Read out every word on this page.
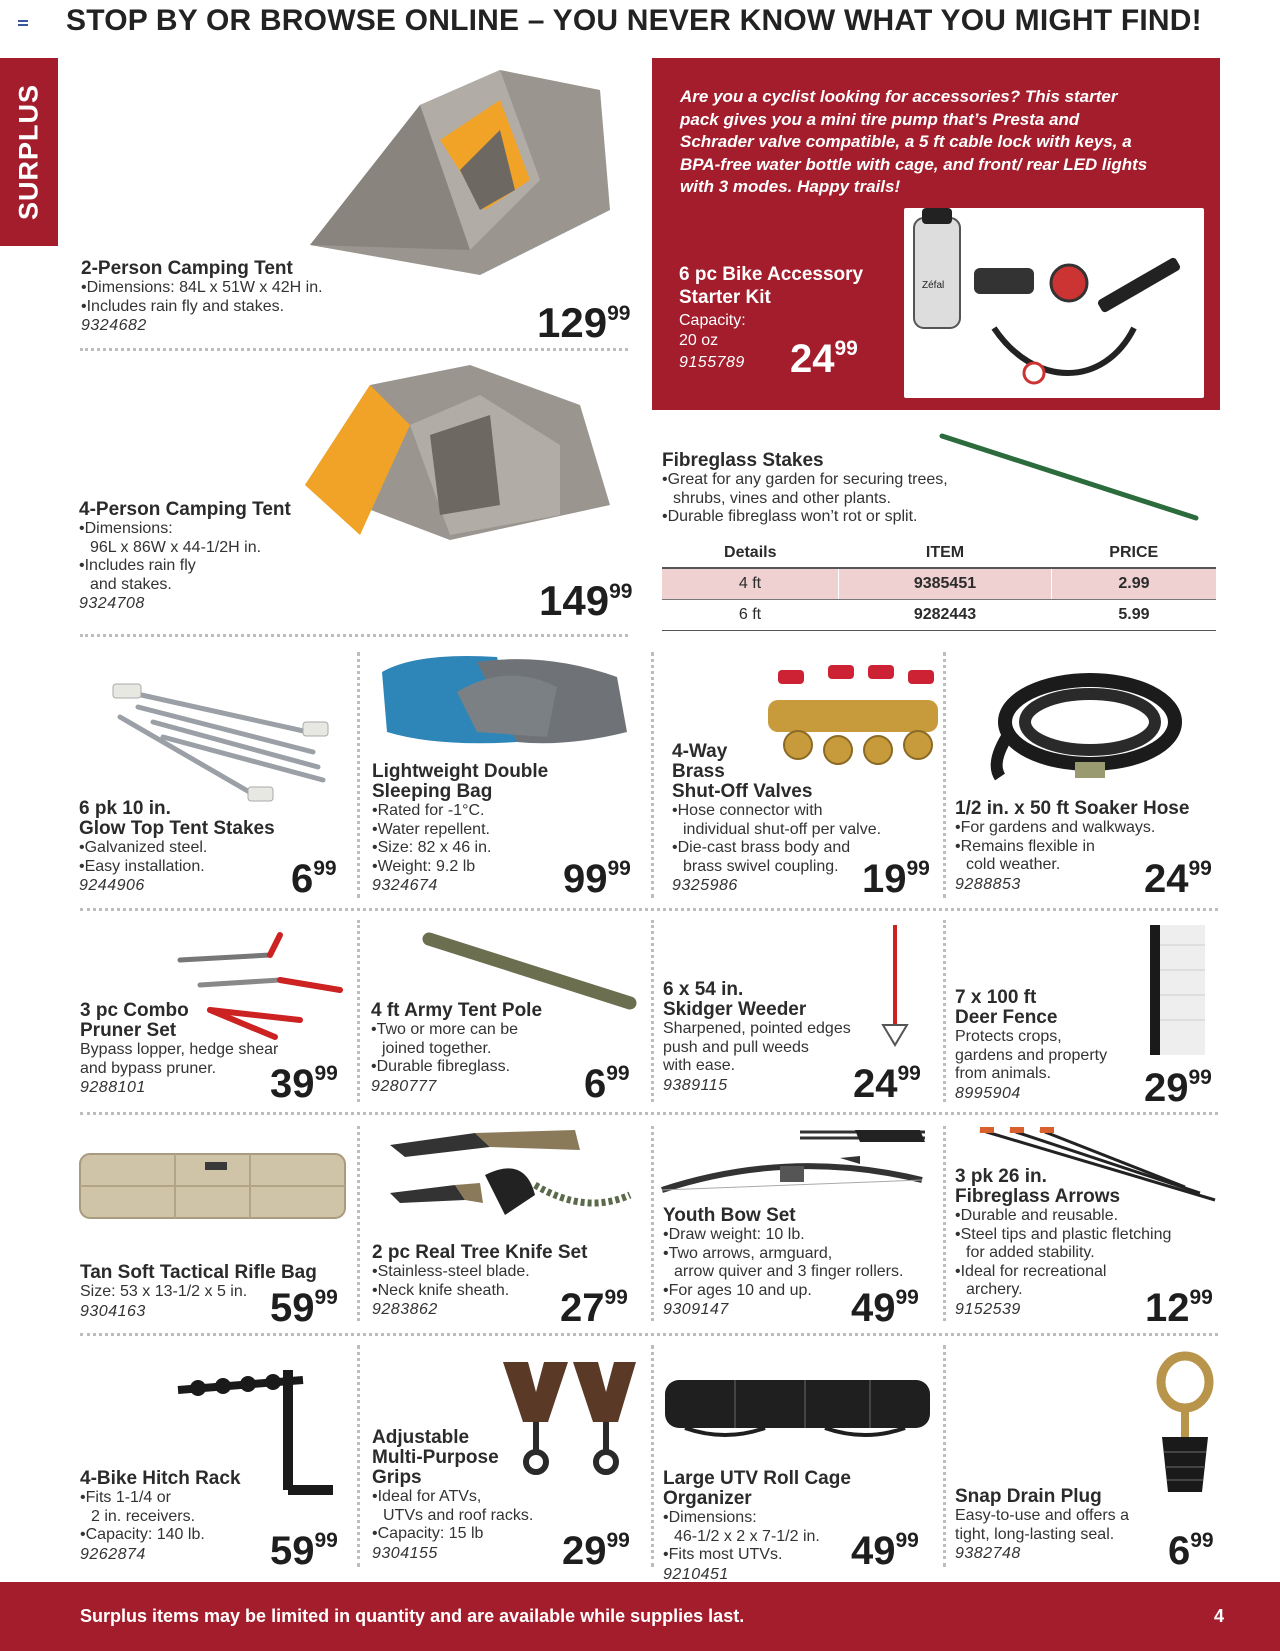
STOP BY OR BROWSE ONLINE – YOU NEVER KNOW WHAT YOU MIGHT FIND!
SURPLUS
2-Person Camping Tent
• Dimensions: 84L x 51W x 42H in.
• Includes rain fly and stakes.
9324682	12999
4-Person Camping Tent
• Dimensions:
96L x 86W x 44-1/2H in.
• Includes rain fly
and stakes.
9324708	14999
Are you a cyclist looking for accessories? This starter pack gives you a mini tire pump that’s Presta and Schrader valve compatible, a 5 ft cable lock with keys, a BPA-free water bottle with cage, and front/ rear LED lights with 3 modes. Happy trails!
6 pc Bike Accessory
Starter Kit
Capacity:
20 oz
9155789 2499
Zéfal
Fibreglass Stakes
• Great for any garden for securing trees,
shrubs, vines and other plants.
• Durable fibreglass won’t rot or split.
Details	ITEM	PRICE
4 ft	9385451	2.99
6 ft	9282443	5.99
6 pk 10 in.
Glow Top Tent Stakes
• Galvanized steel.
• Easy installation.
9244906	699
Lightweight Double
Sleeping Bag
• Rated for -1°C.
• Water repellent.
• Size: 82 x 46 in.
• Weight: 9.2 lb
9324674	9999
4-Way
Brass
Shut-Off Valves
• Hose connector with
individual shut-off per valve.
• Die-cast brass body and
brass swivel coupling.
9325986	1999
1/2 in. x 50 ft Soaker Hose
• For gardens and walkways.
• Remains flexible in
cold weather.
9288853	2499
3 pc Combo
Pruner Set
Bypass lopper, hedge shear
and bypass pruner.
9288101	3999
4 ft Army Tent Pole
• Two or more can be
joined together.
• Durable fibreglass.
9280777	699
6 x 54 in.
Skidger Weeder
Sharpened, pointed edges
push and pull weeds
with ease.
9389115	2499
7 x 100 ft
Deer Fence
Protects crops,
gardens and property
from animals.
8995904	2999
Tan Soft Tactical Rifle Bag
Size: 53 x 13-1/2 x 5 in.
9304163	5999
2 pc Real Tree Knife Set
• Stainless-steel blade.
• Neck knife sheath.
9283862	2799
Youth Bow Set
• Draw weight: 10 lb.
• Two arrows, armguard,
arrow quiver and 3 finger rollers.
• For ages 10 and up.
9309147	4999
3 pk 26 in.
Fibreglass Arrows
• Durable and reusable.
• Steel tips and plastic fletching
for added stability.
• Ideal for recreational
archery.
9152539	1299
4-Bike Hitch Rack
• Fits 1-1/4 or
2 in. receivers.
• Capacity: 140 lb.
9262874	5999
Adjustable
Multi-Purpose
Grips
• Ideal for ATVs,
UTVs and roof racks.
• Capacity: 15 lb
9304155	2999
Large UTV Roll Cage Organizer
• Dimensions:
46-1/2 x 2 x 7-1/2 in.
• Fits most UTVs.
9210451
4999
Snap Drain Plug
Easy-to-use and offers a
tight, long-lasting seal.
9382748	699
Surplus items may be limited in quantity and are available while supplies last.	4
